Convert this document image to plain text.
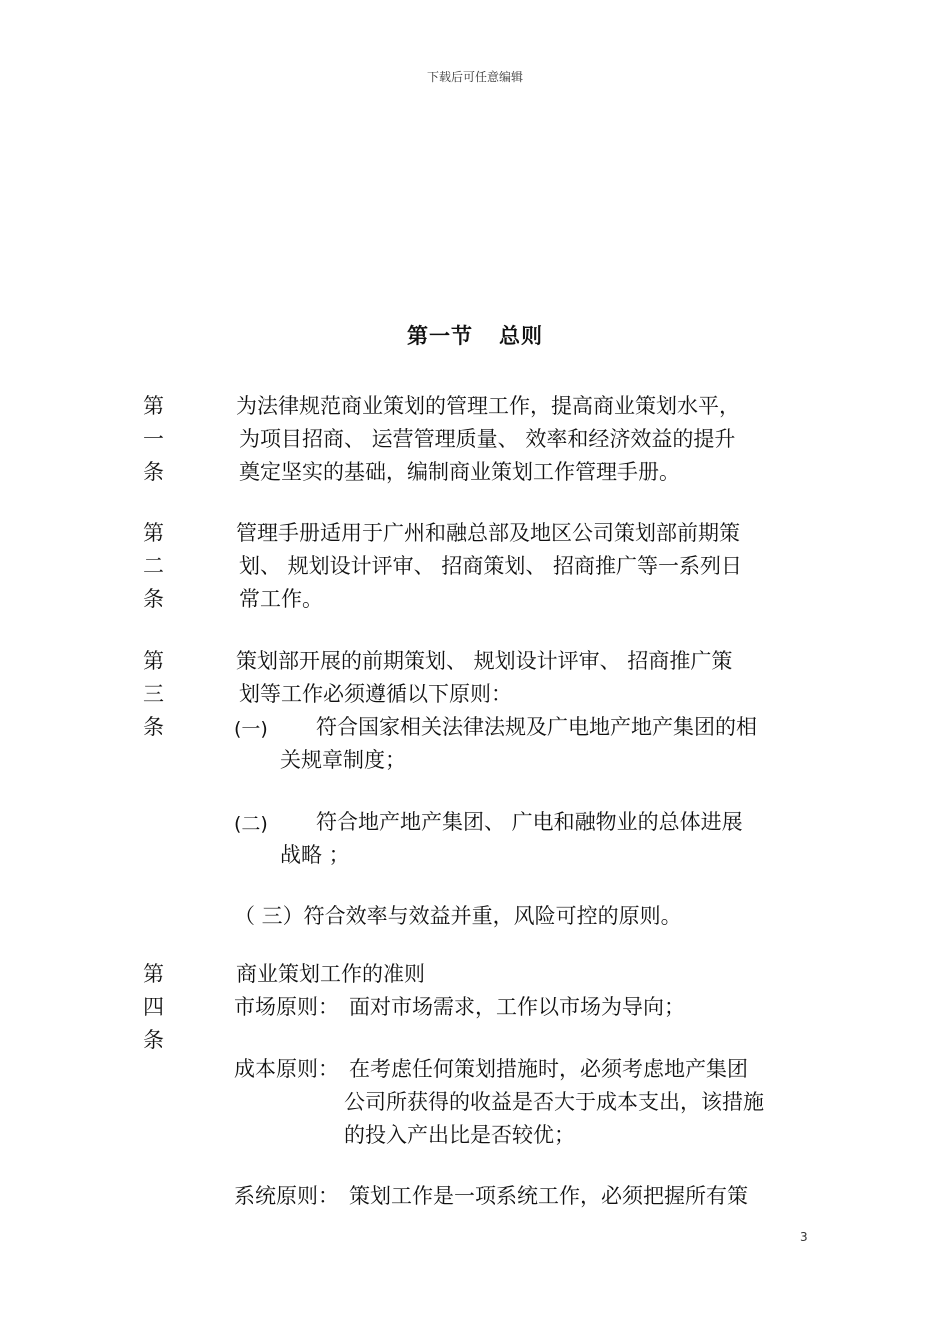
下载后可任意编辑
第一节 总则
第一条
为法律规范商业策划的管理工作，提高商业策划水平，
为项目招商、 运营管理质量、 效率和经济效益的提升
奠定坚实的基础，编制商业策划工作管理手册。
第二条
管理手册适用于广州和融总部及地区公司策划部前期策
划、 规划设计评审、 招商策划、 招商推广等一系列日
常工作。
第三条
策划部开展的前期策划、 规划设计评审、 招商推广策
划等工作必须遵循以下原则：
(一) 符合国家相关法律法规及广电地产地产集团的相
关规章制度；
(二) 符合地产地产集团、 广电和融物业的总体进展
战略 ；
（ 三）符合效率与效益并重，风险可控的原则。
第四条
商业策划工作的准则
市场原则： 面对市场需求，工作以市场为导向；
成本原则： 在考虑任何策划措施时，必须考虑地产集团
公司所获得的收益是否大于成本支出，该措施
的投入产出比是否较优；
系统原则： 策划工作是一项系统工作，必须把握所有策
3
